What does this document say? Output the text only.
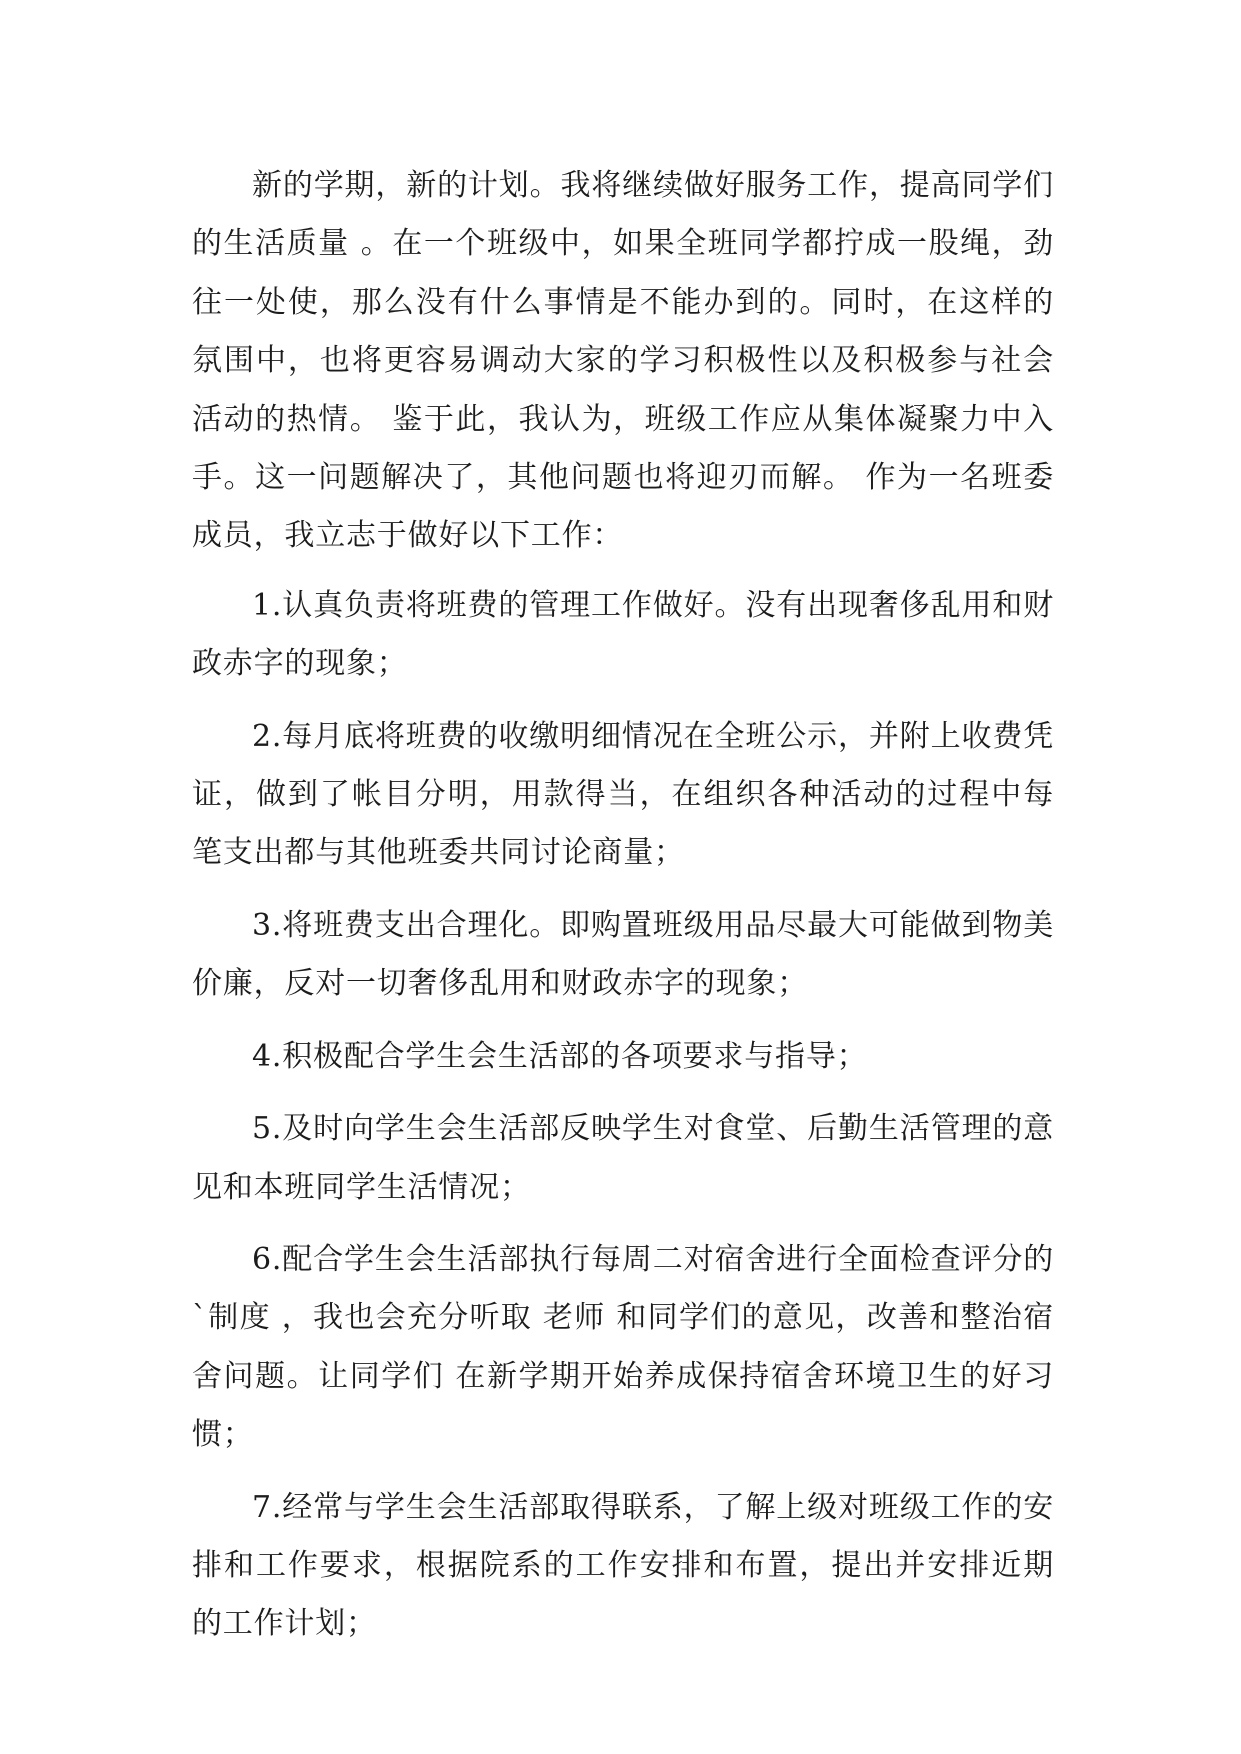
新的学期，新的计划。我将继续做好服务工作，提高同学们的生活质量 。在一个班级中，如果全班同学都拧成一股绳，劲往一处使，那么没有什么事情是不能办到的。同时，在这样的氛围中，也将更容易调动大家的学习积极性以及积极参与社会活动的热情。 鉴于此，我认为，班级工作应从集体凝聚力中入手。这一问题解决了，其他问题也将迎刃而解。 作为一名班委成员，我立志于做好以下工作：

1.认真负责将班费的管理工作做好。没有出现奢侈乱用和财政赤字的现象；

2.每月底将班费的收缴明细情况在全班公示，并附上收费凭证，做到了帐目分明，用款得当，在组织各种活动的过程中每笔支出都与其他班委共同讨论商量；

3.将班费支出合理化。即购置班级用品尽最大可能做到物美价廉，反对一切奢侈乱用和财政赤字的现象；

4.积极配合学生会生活部的各项要求与指导；

5.及时向学生会生活部反映学生对食堂、后勤生活管理的意见和本班同学生活情况；

6.配合学生会生活部执行每周二对宿舍进行全面检查评分的`制度 ，我也会充分听取 老师 和同学们的意见，改善和整治宿舍问题。让同学们 在新学期开始养成保持宿舍环境卫生的好习惯；

7.经常与学生会生活部取得联系，了解上级对班级工作的安排和工作要求，根据院系的工作安排和布置，提出并安排近期的工作计划；
